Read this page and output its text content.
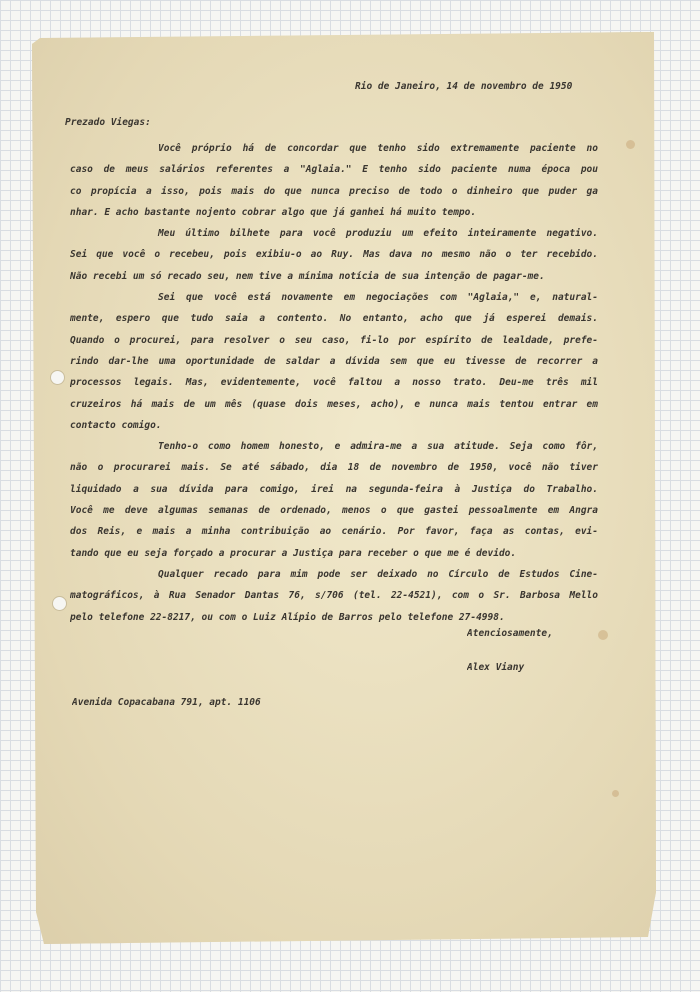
Rio de Janeiro, 14 de novembro de 1950
Prezado Viegas:
Você próprio há de concordar que tenho sido extremamente paciente no
caso de meus salários referentes a "Aglaia." E tenho sido paciente numa época pou
co propícia a isso, pois mais do que nunca preciso de todo o dinheiro que puder ga
nhar. E acho bastante nojento cobrar algo que já ganhei há muito tempo.
Meu último bilhete para você produziu um efeito inteiramente negativo.
Sei que você o recebeu, pois exibiu-o ao Ruy. Mas dava no mesmo não o ter recebido.
Não recebi um só recado seu, nem tive a mínima notícia de sua intenção de pagar-me.
Sei que você está novamente em negociações com "Aglaia," e, natural-
mente, espero que tudo saia a contento. No entanto, acho que já esperei demais.
Quando o procurei, para resolver o seu caso, fi-lo por espírito de lealdade, prefe-
rindo dar-lhe uma oportunidade de saldar a dívida sem que eu tivesse de recorrer a
processos legais. Mas, evidentemente, você faltou a nosso trato. Deu-me três mil
cruzeiros há mais de um mês (quase dois meses, acho), e nunca mais tentou entrar em
contacto comigo.
Tenho-o como homem honesto, e admira-me a sua atitude. Seja como fôr,
não o procurarei mais. Se até sábado, dia 18 de novembro de 1950, você não tiver
liquidado a sua dívida para comigo, irei na segunda-feira à Justiça do Trabalho.
Você me deve algumas semanas de ordenado, menos o que gastei pessoalmente em Angra
dos Reis, e mais a minha contribuição ao cenário. Por favor, faça as contas, evi-
tando que eu seja forçado a procurar a Justiça para receber o que me é devido.
Qualquer recado para mim pode ser deixado no Círculo de Estudos Cine-
matográficos, à Rua Senador Dantas 76, s/706 (tel. 22-4521), com o Sr. Barbosa Mello
pelo telefone 22-8217, ou com o Luiz Alípio de Barros pelo telefone 27-4998.
Atenciosamente,
Alex Viany
Avenida Copacabana 791, apt. 1106
